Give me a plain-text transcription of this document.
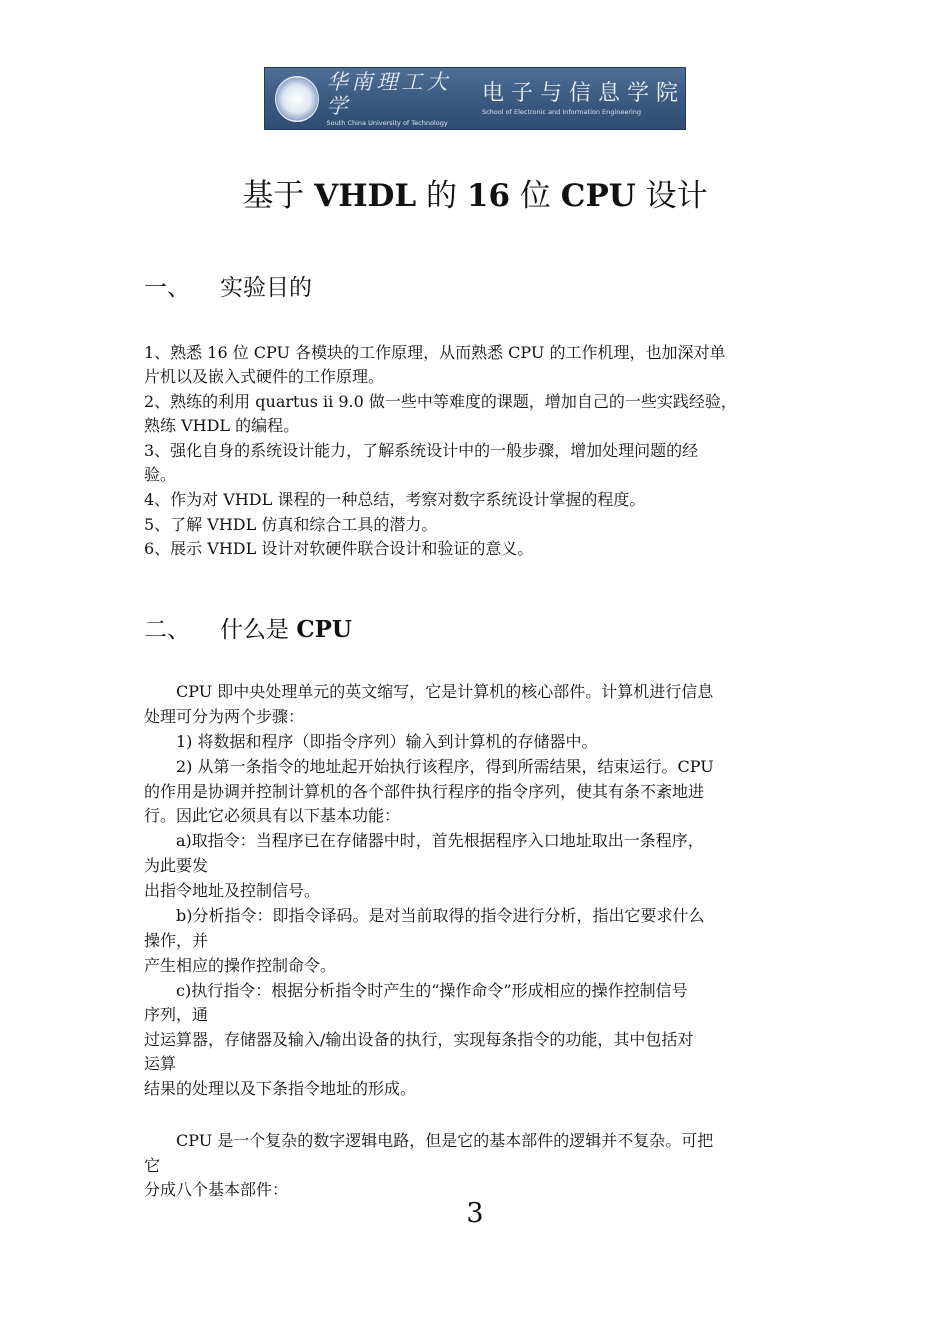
华南理工大学
South China University of Technology
电子与信息学院
School of Electronic and Information Engineering
基于 VHDL 的 16 位 CPU 设计
一、 实验目的
1、熟悉 16 位 CPU 各模块的工作原理，从而熟悉 CPU 的工作机理，也加深对单
片机以及嵌入式硬件的工作原理。
2、熟练的利用 quartus ii 9.0 做一些中等难度的课题，增加自己的一些实践经验，
熟练 VHDL 的编程。
3、强化自身的系统设计能力，了解系统设计中的一般步骤，增加处理问题的经
验。
4、作为对 VHDL 课程的一种总结，考察对数字系统设计掌握的程度。
5、了解 VHDL 仿真和综合工具的潜力。
6、展示 VHDL 设计对软硬件联合设计和验证的意义。
二、 什么是 CPU
CPU 即中央处理单元的英文缩写，它是计算机的核心部件。计算机进行信息
处理可分为两个步骤：
1) 将数据和程序（即指令序列）输入到计算机的存储器中。
2) 从第一条指令的地址起开始执行该程序，得到所需结果，结束运行。CPU
的作用是协调并控制计算机的各个部件执行程序的指令序列，使其有条不紊地进
行。因此它必须具有以下基本功能：
a)取指令：当程序已在存储器中时，首先根据程序入口地址取出一条程序，
为此要发
出指令地址及控制信号。
b)分析指令：即指令译码。是对当前取得的指令进行分析，指出它要求什么
操作，并
产生相应的操作控制命令。
c)执行指令：根据分析指令时产生的“操作命令”形成相应的操作控制信号
序列，通
过运算器，存储器及输入/输出设备的执行，实现每条指令的功能，其中包括对
运算
结果的处理以及下条指令地址的形成。
CPU 是一个复杂的数字逻辑电路，但是它的基本部件的逻辑并不复杂。可把
它
分成八个基本部件：
3
